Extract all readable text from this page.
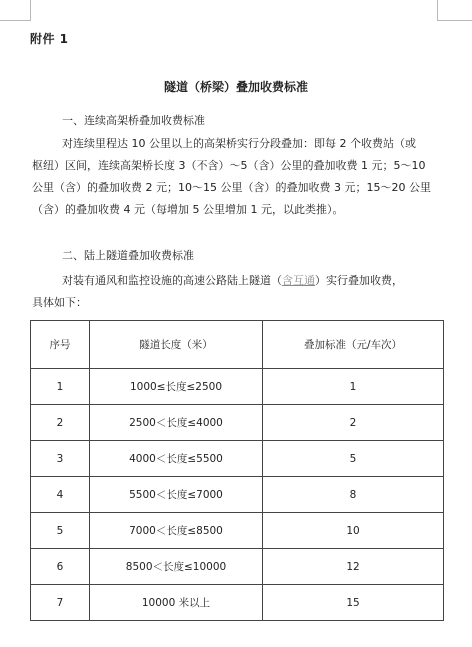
附件 1
隧道（桥梁）叠加收费标准
一、连续高架桥叠加收费标准
对连续里程达 10 公里以上的高架桥实行分段叠加：即每 2 个收费站（或
枢纽）区间，连续高架桥长度 3（不含）～5（含）公里的叠加收费 1 元；5～10
公里（含）的叠加收费 2 元；10～15 公里（含）的叠加收费 3 元；15～20 公里
（含）的叠加收费 4 元（每增加 5 公里增加 1 元，以此类推）。
二、陆上隧道叠加收费标准
对装有通风和监控设施的高速公路陆上隧道（含互通）实行叠加收费，
具体如下：
序号	隧道长度（米）	叠加标准（元/车次）
1	1000≤长度≤2500	1
2	2500＜长度≤4000	2
3	4000＜长度≤5500	5
4	5500＜长度≤7000	8
5	7000＜长度≤8500	10
6	8500＜长度≤10000	12
7	10000 米以上	15
